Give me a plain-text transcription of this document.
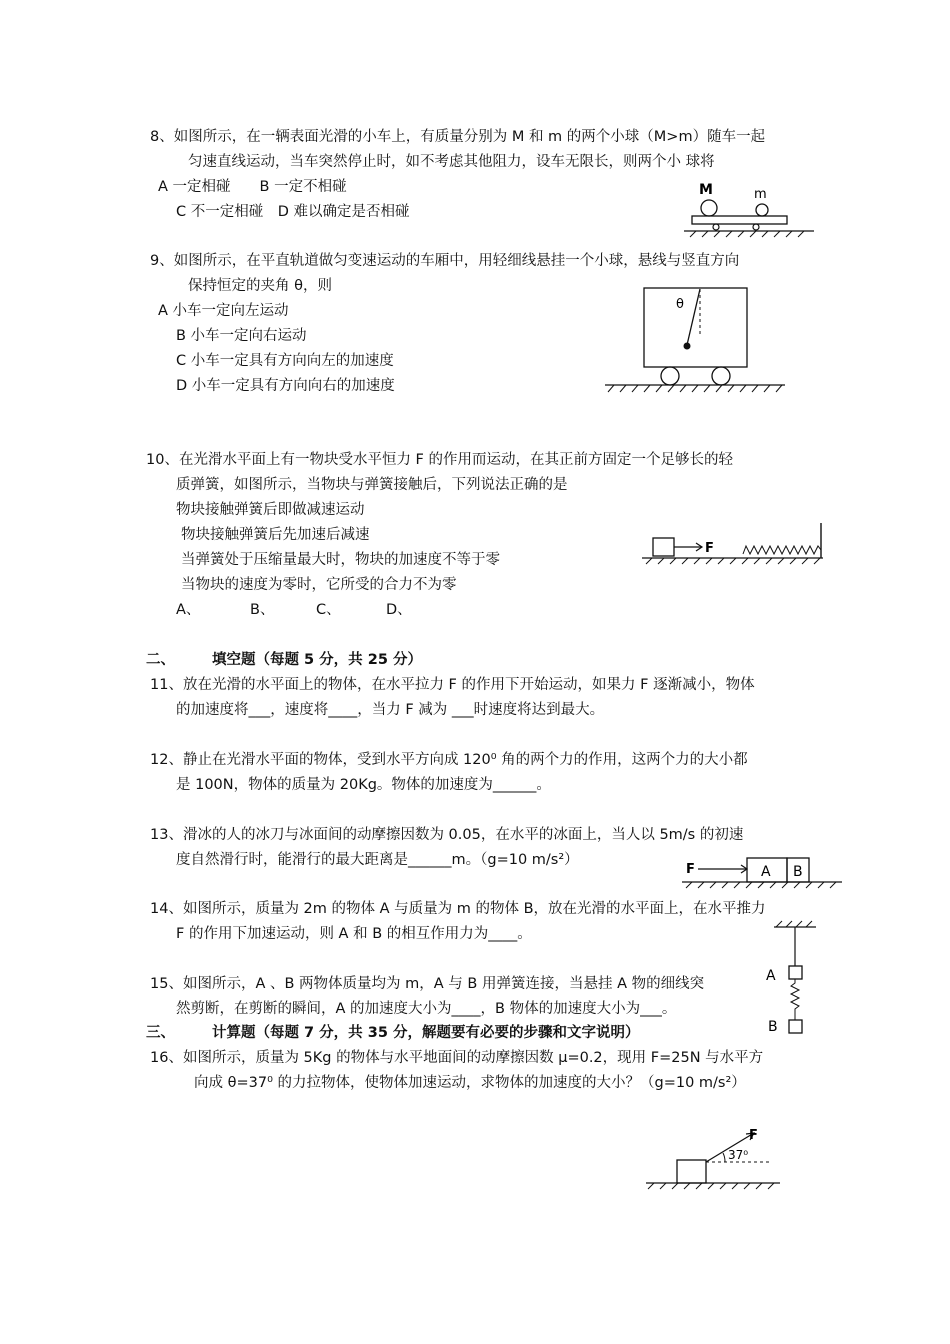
8、如图所示，在一辆表面光滑的小车上，有质量分别为 M 和 m 的两个小球（M>m）随车一起
匀速直线运动，当车突然停止时，如不考虑其他阻力，设车无限长，则两个小 球将
A 一定相碰　　B 一定不相碰
C 不一定相碰　D 难以确定是否相碰
M	m
9、如图所示，在平直轨道做匀变速运动的车厢中，用轻细线悬挂一个小球，悬线与竖直方向
保持恒定的夹角 θ，则
A 小车一定向左运动
B 小车一定向右运动
C 小车一定具有方向向左的加速度
D 小车一定具有方向向右的加速度
θ
10、在光滑水平面上有一物块受水平恒力 F 的作用而运动，在其正前方固定一个足够长的轻
质弹簧，如图所示，当物块与弹簧接触后，下列说法正确的是
物块接触弹簧后即做减速运动
物块接触弹簧后先加速后减速
当弹簧处于压缩量最大时，物块的加速度不等于零
当物块的速度为零时，它所受的合力不为零
A、	B、	C、	D、
F
二、	填空题（每题 5 分，共 25 分）
11、放在光滑的水平面上的物体，在水平拉力 F 的作用下开始运动，如果力 F 逐渐减小，物体
的加速度将___，速度将____，当力 F 减为 ___时速度将达到最大。
12、静止在光滑水平面的物体，受到水平方向成 120⁰ 角的两个力的作用，这两个力的大小都
是 100N，物体的质量为 20Kg。物体的加速度为______。
13、滑冰的人的冰刀与冰面间的动摩擦因数为 0.05，在水平的冰面上，当人以 5m/s 的初速
度自然滑行时，能滑行的最大距离是______m。（g=10 m/s²）
F	A B
14、如图所示，质量为 2m 的物体 A 与质量为 m 的物体 B，放在光滑的水平面上，在水平推力
F 的作用下加速运动，则 A 和 B 的相互作用力为____。
A
B
15、如图所示，A 、B 两物体质量均为 m，A 与 B 用弹簧连接，当悬挂 A 物的细线突
然剪断，在剪断的瞬间，A 的加速度大小为____，B 物体的加速度大小为___。
三、	计算题（每题 7 分，共 35 分，解题要有必要的步骤和文字说明）
16、如图所示，质量为 5Kg 的物体与水平地面间的动摩擦因数 μ=0.2，现用 F=25N 与水平方
向成 θ=37⁰ 的力拉物体，使物体加速运动，求物体的加速度的大小？（g=10 m/s²）
F
37⁰
